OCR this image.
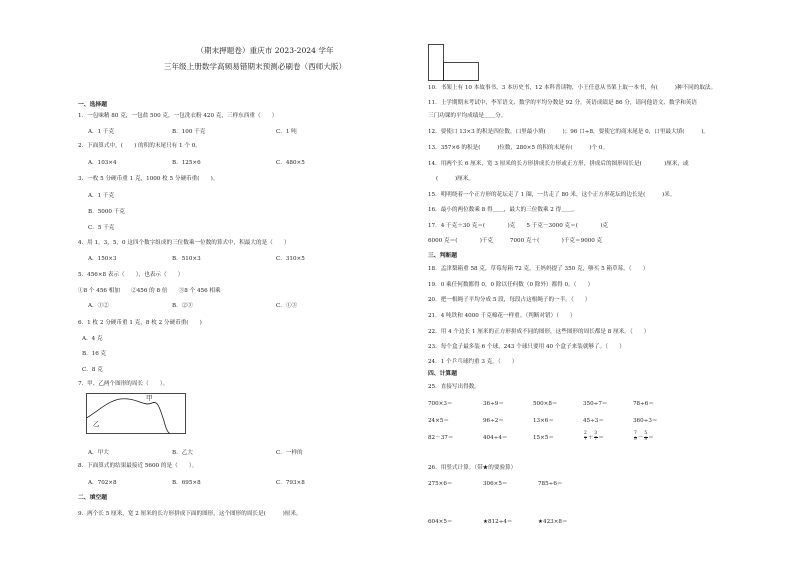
（期末押题卷）重庆市 2023-2024 学年
三年级上册数学高频易错期末预测必刷卷（西师大版）
一、选择题
1．一包味精 80 克，一包盐 500 克，一包洗衣粉 420 克，三样东西重（　　）
A．1 千克	B．100 千克	C．1 吨
2．下面算式中，(　　) 的积的末尾只有 1 个 0。
A．103×4	B．125×6	C．480×5
3．一枚 5 分硬币重 1 克，1000 枚 5 分硬币重(　　)。
A．1 千克
B．5000 千克
C．5 千克
4．用 1，3，5，0 这四个数字组成的三位数乘一位数的算式中，积最大的是（　　）
A．150×3	B．510×3	C．310×5
5．456×8 表示（　　），也表示（　　）
①8 个 456 相加　　②456 的 8 倍　　③8 个 456 相乘
A．①②	B．②③	C．①③
6．1 枚 2 分硬币重 1 克，8 枚 2 分硬币重(　　)
A．4 克
B．16 克
C．8 克
7．甲、乙两个图形的周长（　　）。
甲
乙
A．甲大	B．乙大	C．一样的
8．下面算式的结果最接近 5600 的是（　　）。
A．702×8	B．695×8	C．793×8
二、填空题
9．两个长 5 厘米，宽 2 厘米的长方形拼成下面的图形，这个图形的周长是(　　　)厘米。
10．书架上有 10 本故事书，3 本历史书，12 本科普读物，小王任意从书架上取一本书，有(　　　)种不同的取法。
11．上学期期末考试中，李军语文、数学的平均分数是 92 分，英语成绩是 86 分，请问他语文、数学和英语
三门功课的平均成绩是＿＿分。
12．要使口 13×3 的积是四位数，口里最小填(　　　)；96 口÷8，要使它的商末尾是 0，口里最大填(　　　)。
13．357×6 的积是(　　　)位数，280×5 的积的末尾有(　　　)个 0。
14．用两个长 6 厘米，宽 3 厘米的长方形拼成长方形或正方形，拼成后的图形周长是(　　　　)厘米，或
(　　　)厘米。
15．明明绕着一个正方形的花坛走了 1 圈，一共走了 80 米，这个正方形花坛的边长是(　　　)米。
16．最小的两位数乘 8 得＿＿，最大的三位数乘 2 得＿＿。
17．4 千克＋30 克＝(　　　　)克　　5 千克－3000 克＝(　　　　)克
6000 克＝(　　　　)千克　　　7000 克＋(　　　　)千克＝9000 克
三、判断题
18．孟津梨箱重 58 克，草莓每箱 72 克，王妈妈提了 350 克，够买 5 箱草莓。（　　）
19．0 乘任何数都得 0，0 除以任何数（0 除外）都得 0。（　　）
20．把一根绳子平均分成 5 段，每段占这根绳子的一半。（　　）
21．4 吨铁和 4000 千克棉花一样重。（判断对错）（　　）
22．用 4 个边长 1 厘米的正方形拼成不同的图形，这些图形的周长都是 8 厘米。（　　）
23．每个盒子最多装 6 个球，243 个球只要用 40 个盒子来装就够了。（　　）
24．1 个乒乓球约重 3 克。（　　）
四、计算题
25．直接写出得数。
700×3＝	36÷9＝	500×8＝	350÷7＝	78÷6＝
24×5＝	96÷2＝	13×6＝	45÷3＝	360÷3＝
82－37＝	404÷4＝	15×5＝	$\frac{2}{7} + \frac{3}{7}$ ＝	$\frac{7}{9} - \frac{5}{9}$ ＝
26．用竖式计算。（带★的要验算）
275×6＝	306×5＝	785÷6＝
604×5＝	★812÷4＝	★423×8＝
